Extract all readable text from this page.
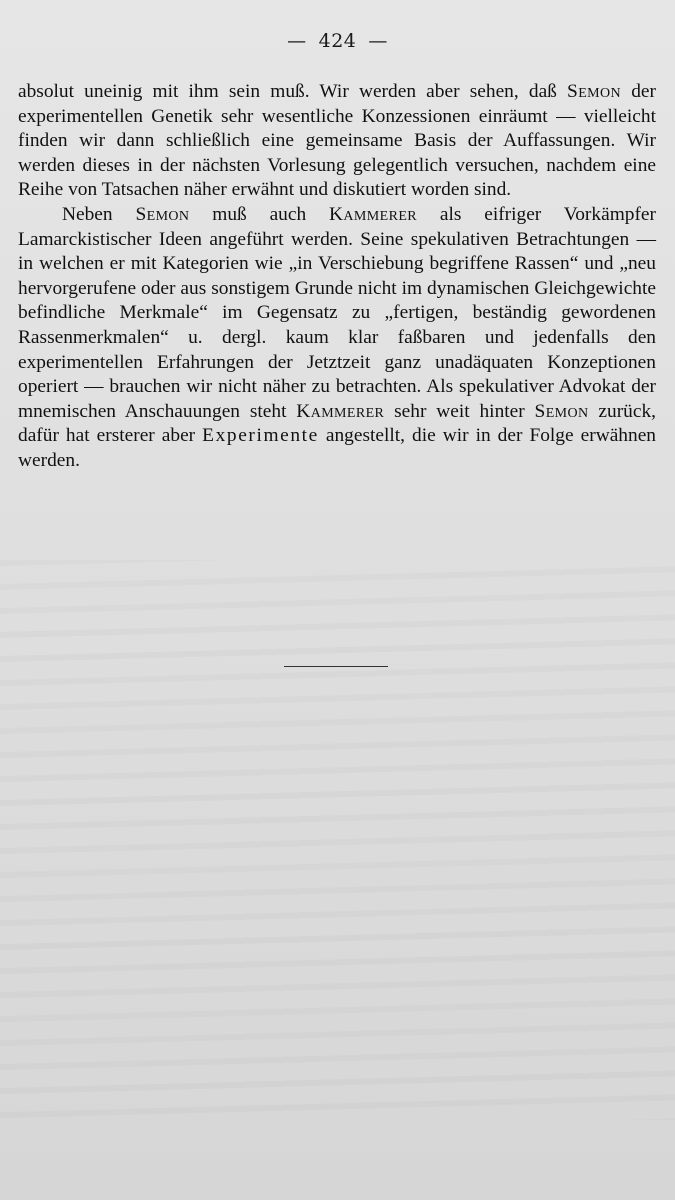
— 424 —

absolut uneinig mit ihm sein muß. Wir werden aber sehen, daß Semon der experimentellen Genetik sehr wesentliche Konzessionen einräumt — vielleicht finden wir dann schließlich eine gemeinsame Basis der Auffassungen. Wir werden dieses in der nächsten Vorlesung gelegentlich versuchen, nachdem eine Reihe von Tatsachen näher erwähnt und diskutiert worden sind.

Neben Semon muß auch Kammerer als eifriger Vorkämpfer Lamarckistischer Ideen angeführt werden. Seine spekulativen Betrachtungen — in welchen er mit Kategorien wie „in Verschiebung begriffene Rassen“ und „neu hervorgerufene oder aus sonstigem Grunde nicht im dynamischen Gleichgewichte befindliche Merkmale“ im Gegensatz zu „fertigen, beständig gewordenen Rassenmerkmalen“ u. dergl. kaum klar faßbaren und jedenfalls den experimentellen Erfahrungen der Jetztzeit ganz unadäquaten Konzeptionen operiert — brauchen wir nicht näher zu betrachten. Als spekulativer Advokat der mnemischen Anschauungen steht Kammerer sehr weit hinter Semon zurück, dafür hat ersterer aber Experimente angestellt, die wir in der Folge erwähnen werden.
